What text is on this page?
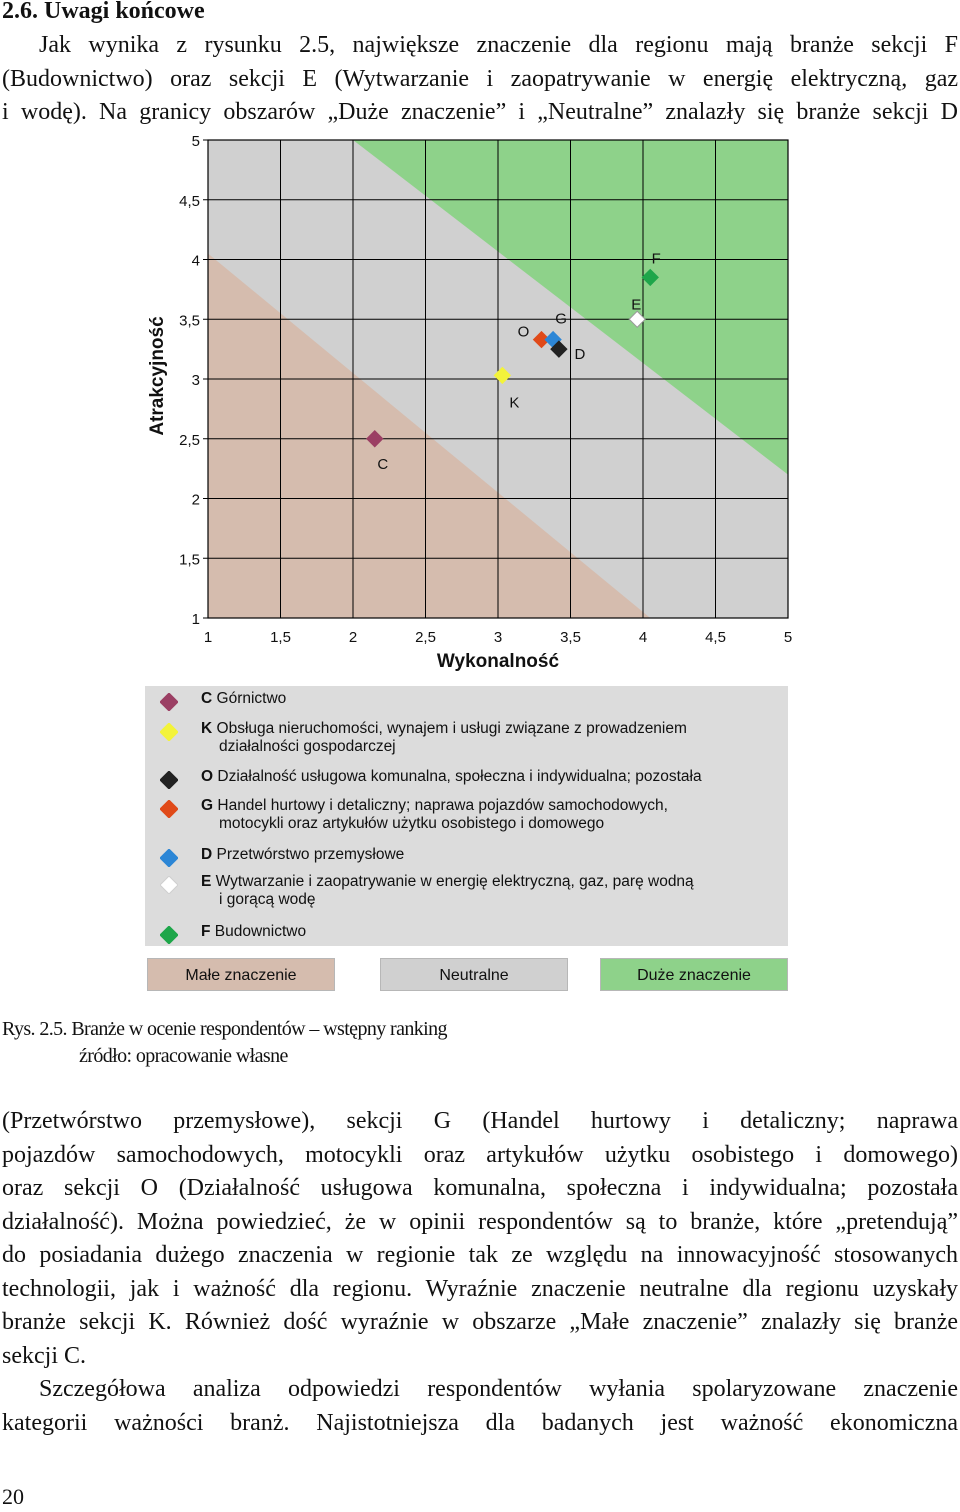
2.6. Uwagi końcowe
Jak wynika z rysunku 2.5, największe znaczenie dla regionu mają branże sekcji F
(Budownictwo) oraz sekcji E (Wytwarzanie i zaopatrywanie w energię elektryczną, gaz
i wodę). Na granicy obszarów „Duże znaczenie” i „Neutralne” znalazły się branże sekcji D
1
1,5
2
2,5
3
3,5
4
4,5
5
1	1,5	2	2,5	3	3,5	4	4,5	5
C
K
O
G
D
E
F
Wykonalność
Atrakcyjność
C Górnictwo
K Obsługa nieruchomości, wynajem i usługi związane z prowadzeniem
działalności gospodarczej
O Działalność usługowa komunalna, społeczna i indywidualna; pozostała
G Handel hurtowy i detaliczny; naprawa pojazdów samochodowych,
motocykli oraz artykułów użytku osobistego i domowego
D Przetwórstwo przemysłowe
E Wytwarzanie i zaopatrywanie w energię elektryczną, gaz, parę wodną
i gorącą wodę
F Budownictwo
Małe znaczenie	Neutralne	Duże znaczenie
Rys. 2.5. Branże w ocenie respondentów – wstępny ranking
źródło: opracowanie własne
(Przetwórstwo przemysłowe), sekcji G (Handel hurtowy i detaliczny; naprawa
pojazdów samochodowych, motocykli oraz artykułów użytku osobistego i domowego)
oraz sekcji O (Działalność usługowa komunalna, społeczna i indywidualna; pozostała
działalność). Można powiedzieć, że w opinii respondentów są to branże, które „pretendują”
do posiadania dużego znaczenia w regionie tak ze względu na innowacyjność stosowanych
technologii, jak i ważność dla regionu. Wyraźnie znaczenie neutralne dla regionu uzyskały
branże sekcji K. Również dość wyraźnie w obszarze „Małe znaczenie” znalazły się branże
sekcji C.
Szczegółowa analiza odpowiedzi respondentów wyłania spolaryzowane znaczenie
kategorii ważności branż. Najistotniejsza dla badanych jest ważność ekonomiczna
20
